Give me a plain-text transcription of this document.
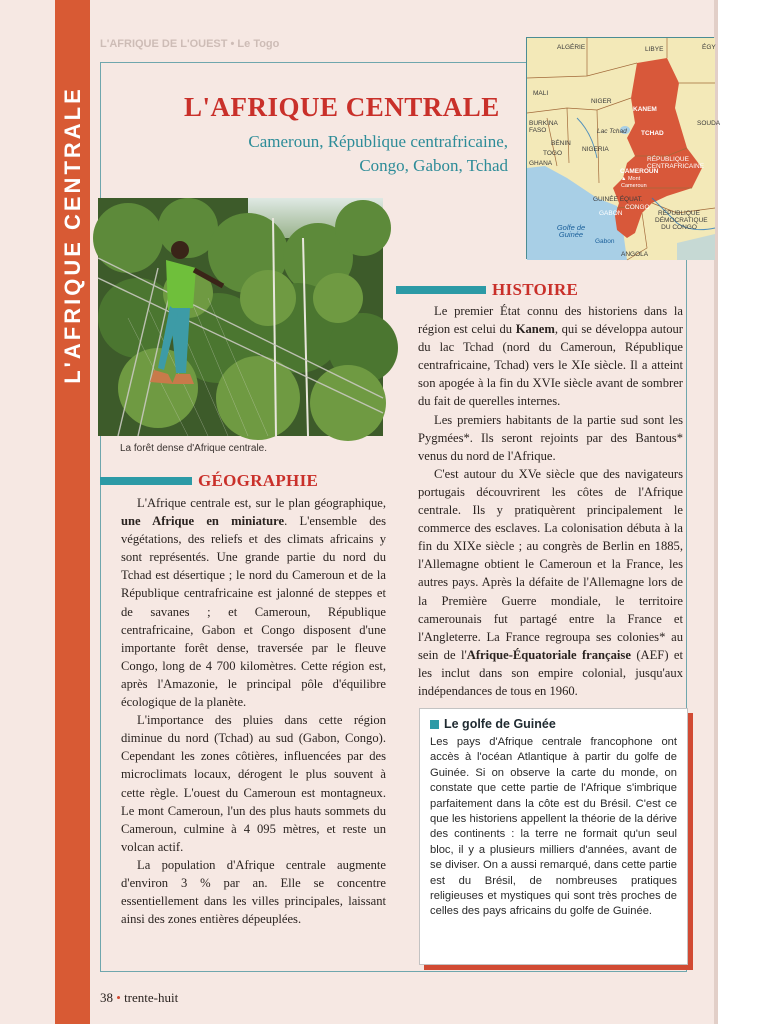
L'AFRIQUE CENTRALE
L'AFRIQUE DE L'OUEST • Le Togo
L'AFRIQUE CENTRALE
Cameroun, République centrafricaine,
Congo, Gabon, Tchad
ALGÉRIE	LIBYE	ÉGY
MALI
NIGER
KANEM
BURKINA FASO
SOUDA
Lac Tchad TCHAD
BÉNIN
TOGO
NIGERIA
GHANA
RÉPUBLIQUE CENTRAFRICAINE
CAMEROUN
▲ Mont Cameroun
GUINÉE ÉQUAT.
CONGO
GABON	RÉPUBLIQUE DÉMOCRATIQUE DU CONGO
Golfe de Guinée
Gabon
ANGOLA
La forêt dense d'Afrique centrale.
HISTOIRE

Le premier État connu des historiens dans la région est celui du Kanem, qui se développa autour du lac Tchad (nord du Cameroun, République centrafricaine, Tchad) vers le XIe siècle. Il a atteint son apogée à la fin du XVIe siècle avant de sombrer du fait de querelles internes.

Les premiers habitants de la partie sud sont les Pygmées*. Ils seront rejoints par des Bantous* venus du nord de l'Afrique.

C'est autour du XVe siècle que des navigateurs portugais découvrirent les côtes de l'Afrique centrale. Ils y pratiquèrent principalement le commerce des esclaves. La colonisation débuta à la fin du XIXe siècle ; au congrès de Berlin en 1885, l'Allemagne obtient le Cameroun et la France, les autres pays. Après la défaite de l'Allemagne lors de la Première Guerre mondiale, le territoire camerounais fut partagé entre la France et l'Angleterre. La France regroupa ses colonies* au sein de l'Afrique-Équatoriale française (AEF) et les inclut dans son empire colonial, jusqu'aux indépendances de tous en 1960.

GÉOGRAPHIE

L'Afrique centrale est, sur le plan géographique, une Afrique en miniature. L'ensemble des végétations, des reliefs et des climats africains y sont représentés. Une grande partie du nord du Tchad est désertique ; le nord du Cameroun et de la République centrafricaine est jalonné de steppes et de savanes ; et Cameroun, République centrafricaine, Gabon et Congo disposent d'une importante forêt dense, traversée par le fleuve Congo, long de 4 700 kilomètres. Cette région est, après l'Amazonie, le principal pôle d'équilibre écologique de la planète.

L'importance des pluies dans cette région diminue du nord (Tchad) au sud (Gabon, Congo). Cependant les zones côtières, influencées par des microclimats locaux, dérogent le plus souvent à cette règle. L'ouest du Cameroun est montagneux. Le mont Cameroun, l'un des plus hauts sommets du Cameroun, culmine à 4 095 mètres, et reste un volcan actif.

La population d'Afrique centrale augmente d'environ 3 % par an. Elle se concentre essentiellement dans les villes principales, laissant ainsi des zones entières dépeuplées.

Le golfe de Guinée
Les pays d'Afrique centrale francophone ont accès à l'océan Atlantique à partir du golfe de Guinée. Si on observe la carte du monde, on constate que cette partie de l'Afrique s'imbrique parfaitement dans la côte est du Brésil. C'est ce que les historiens appellent la théorie de la dérive des continents : la terre ne formait qu'un seul bloc, il y a plusieurs milliers d'années, avant de se diviser. On a aussi remarqué, dans cette partie est du Brésil, de nombreuses pratiques religieuses et mystiques qui sont très proches de celles des pays africains du golfe de Guinée.
38 • trente-huit
